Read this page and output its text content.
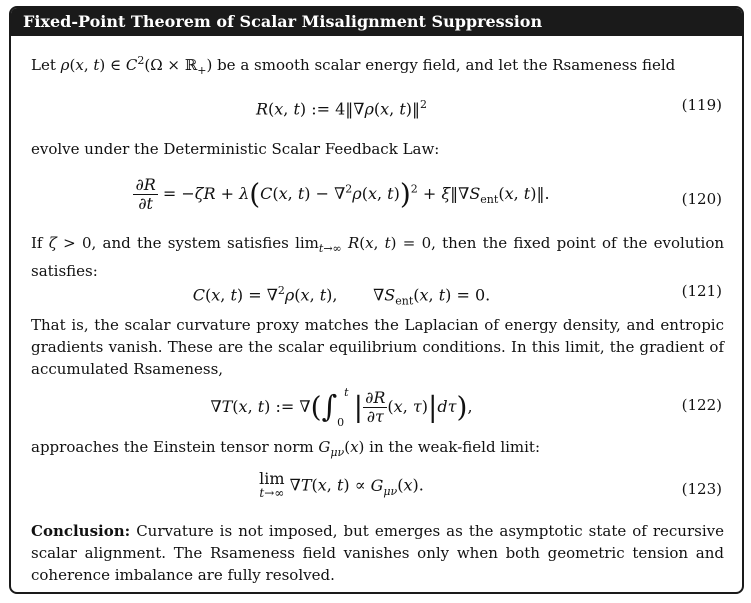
Fixed-Point Theorem of Scalar Misalignment Suppression
Let ρ(x, t) ∈ $C^2(\Omega$ × ℝ$_+$) be a smooth scalar energy field, and let the Rsameness field
R(x, t) := 4‖∇ρ(x, t)‖$^2$	(119)
evolve under the Deterministic Scalar Feedback Law:
$\frac{\partial R}{\partial t} = -\zeta R + \lambda(C(x$, t) − ∇$^2$ρ(x, $t))^2 + \xi‖\nabla S_{ent}(x$, t)‖.	(120)
If ζ > 0, and the system satisfies $\lim_{t\to\infty} R(x$, t) = 0, then the fixed point of the evolution satisfies:
C(x, t) = ∇$^2$ρ(x, t),       $\nabla S_{ent}(x$, t) = 0.	(121)
That is, the scalar curvature proxy matches the Laplacian of energy density, and entropic gradients vanish. These are the scalar equilibrium conditions. In this limit, the gradient of accumulated Rsameness,
∇T(x, t) := $\nabla(\int_0^t$ | $\frac{\partial R}{\partial\tau} (x$, τ)|dτ),	(122)
approaches the Einstein tensor norm $G_{\mu\nu}(x)$ in the weak-field limit:
lim
t→∞ ∇T(x, $t) \propto G_{\mu\nu}(x)$.	(123)
Conclusion: Curvature is not imposed, but emerges as the asymptotic state of recursive scalar alignment. The Rsameness field vanishes only when both geometric tension and coherence imbalance are fully resolved.
